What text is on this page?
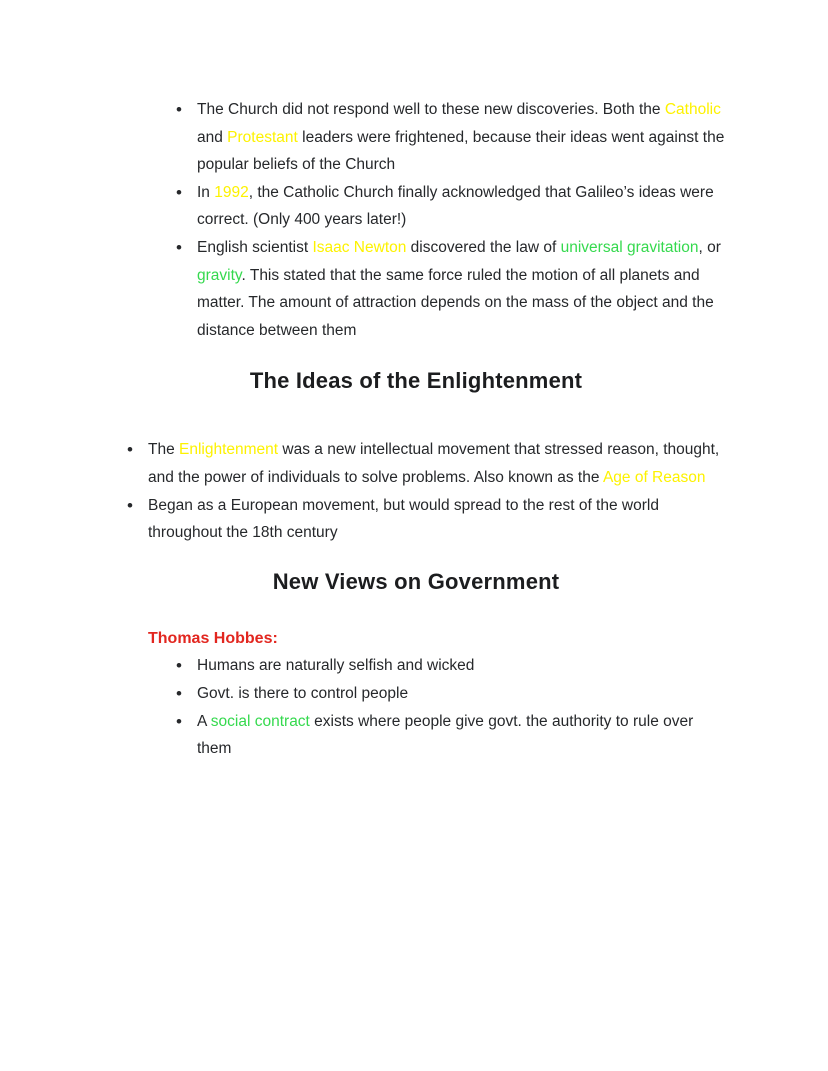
• The Church did not respond well to these new discoveries. Both the Catholic and Protestant leaders were frightened, because their ideas went against the popular beliefs of the Church
• In 1992, the Catholic Church finally acknowledged that Galileo’s ideas were correct. (Only 400 years later!)
• English scientist Isaac Newton discovered the law of universal gravitation, or gravity. This stated that the same force ruled the motion of all planets and matter. The amount of attraction depends on the mass of the object and the distance between them
The Ideas of the Enlightenment
• The Enlightenment was a new intellectual movement that stressed reason, thought, and the power of individuals to solve problems. Also known as the Age of Reason
• Began as a European movement, but would spread to the rest of the world throughout the 18th century
New Views on Government
Thomas Hobbes:
• Humans are naturally selfish and wicked
• Govt. is there to control people
• A social contract exists where people give govt. the authority to rule over them
